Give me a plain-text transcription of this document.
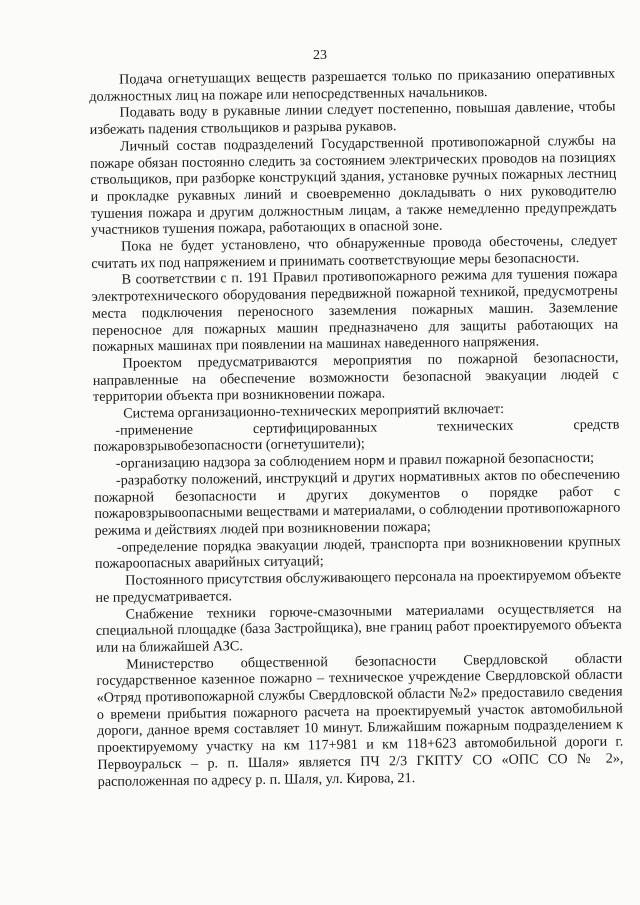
23

Подача огнетушащих веществ разрешается только по приказанию оперативных должностных лиц на пожаре или непосредственных начальников.

Подавать воду в рукавные линии следует постепенно, повышая давление, чтобы избежать падения ствольщиков и разрыва рукавов.

Личный состав подразделений Государственной противопожарной службы на пожаре обязан постоянно следить за состоянием электрических проводов на позициях ствольщиков, при разборке конструкций здания, установке ручных пожарных лестниц и прокладке рукавных линий и своевременно докладывать о них руководителю тушения пожара и другим должностным лицам, а также немедленно предупреждать участников тушения пожара, работающих в опасной зоне.

Пока не будет установлено, что обнаруженные провода обесточены, следует считать их под напряжением и принимать соответствующие меры безопасности.

В соответствии с п. 191 Правил противопожарного режима для тушения пожара электротехнического оборудования передвижной пожарной техникой, предусмотрены места подключения переносного заземления пожарных машин. Заземление переносное для пожарных машин предназначено для защиты работающих на пожарных машинах при появлении на машинах наведенного напряжения.

Проектом предусматриваются мероприятия по пожарной безопасности, направленные на обеспечение возможности безопасной эвакуации людей с территории объекта при возникновении пожара.

Система организационно-технических мероприятий включает:

-применение сертифицированных технических средств пожаровзрывобезопасности (огнетушители);

-организацию надзора за соблюдением норм и правил пожарной безопасности;

-разработку положений, инструкций и других нормативных актов по обеспечению пожарной безопасности и других документов о порядке работ с пожаровзрывоопасными веществами и материалами, о соблюдении противопожарного режима и действиях людей при возникновении пожара;

-определение порядка эвакуации людей, транспорта при возникновении крупных пожароопасных аварийных ситуаций;

Постоянного присутствия обслуживающего персонала на проектируемом объекте не предусматривается.

Снабжение техники горюче-смазочными материалами осуществляется на специальной площадке (база Застройщика), вне границ работ проектируемого объекта или на ближайшей АЗС.

Министерство общественной безопасности Свердловской области государственное казенное пожарно – техническое учреждение Свердловской области «Отряд противопожарной службы Свердловской области №2» предоставило сведения о времени прибытия пожарного расчета на проектируемый участок автомобильной дороги, данное время составляет 10 минут. Ближайшим пожарным подразделением к проектируемому участку на км 117+981 и км 118+623 автомобильной дороги г. Первоуральск – р. п. Шаля» является ПЧ 2/3 ГКПТУ СО «ОПС СО № 2», расположенная по адресу р. п. Шаля, ул. Кирова, 21.
